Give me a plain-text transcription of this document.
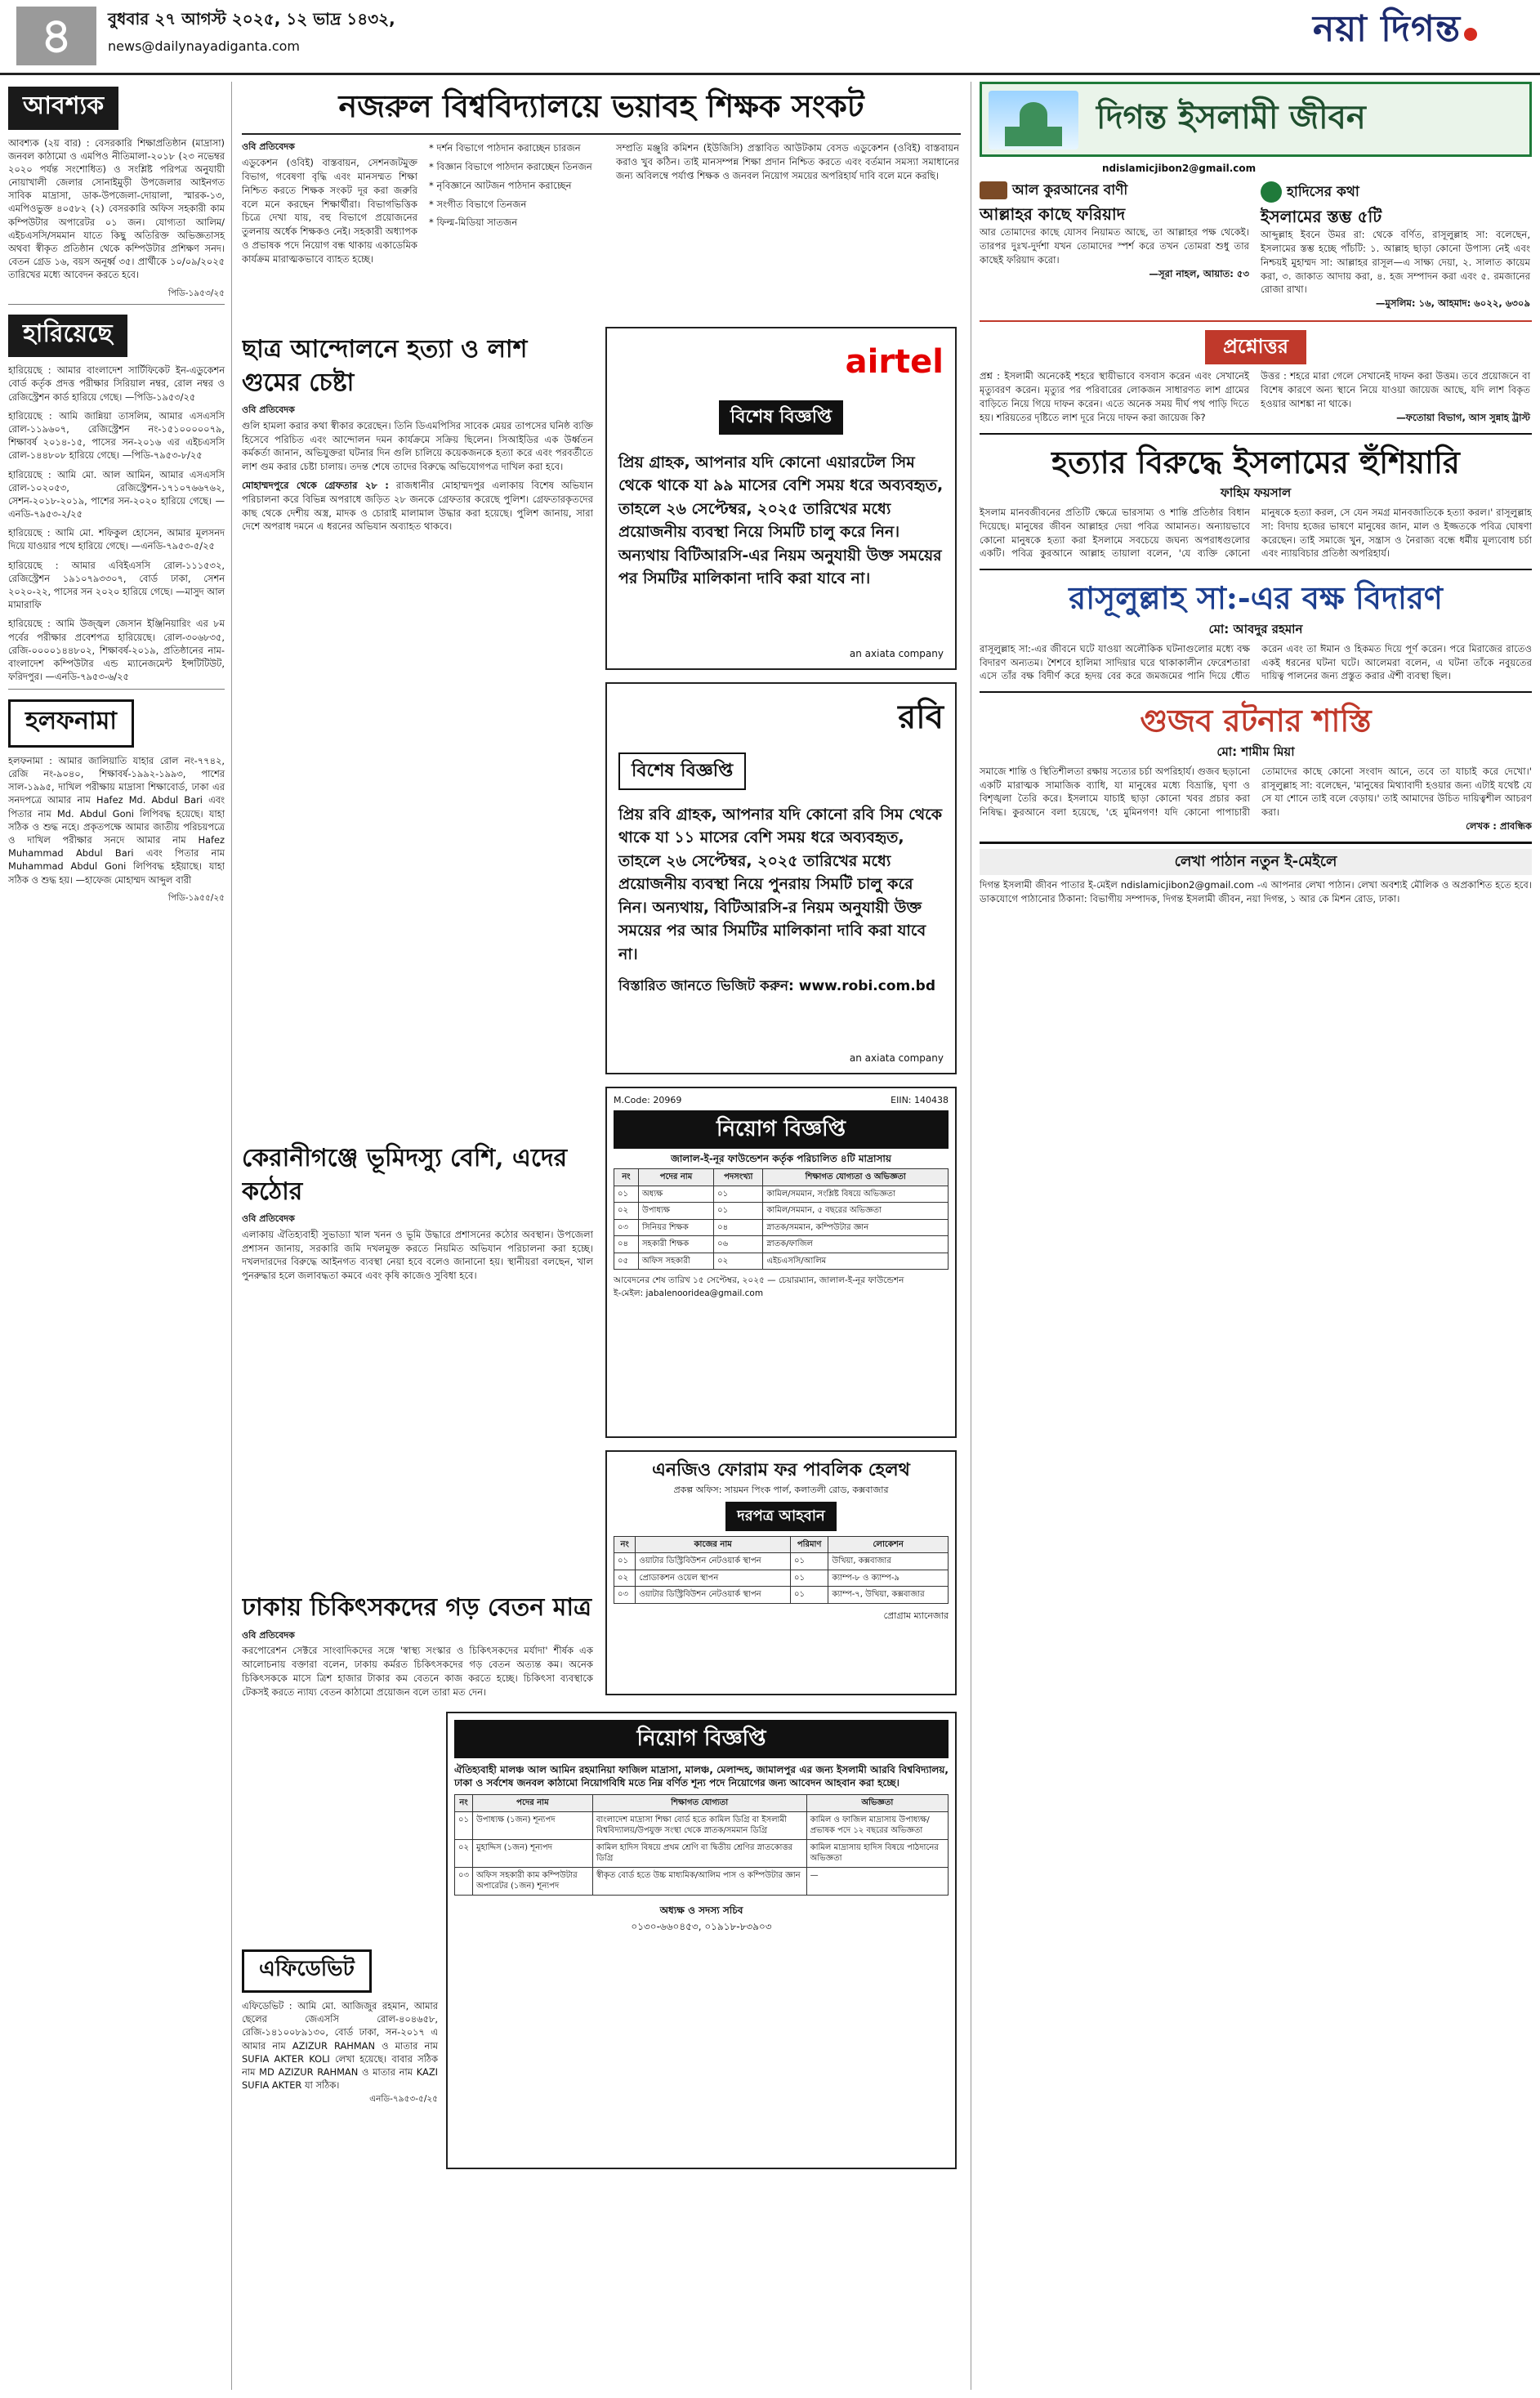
৪	বুধবার ২৭ আগস্ট ২০২৫, ১২ ভাদ্র ১৪৩২,
news@dailynayadiganta.com	নয়া দিগন্ত
আবশ্যক
আবশ্যক (২য় বার) : বেসরকারি শিক্ষাপ্রতিষ্ঠান (মাদ্রাসা) জনবল কাঠামো ও এমপিও নীতিমালা-২০১৮ (২৩ নভেম্বর ২০২০ পর্যন্ত সংশোধিত) ও সংশ্লিষ্ট পরিপত্র অনুযায়ী নোয়াখালী জেলার সোনাইমুড়ী উপজেলার আইনগত সাবিক মাদ্রাসা, ডাক-উপজেলা-দোয়ালা, স্মারক-১৩, এমপিওভুক্ত ৪০৫৮২ (২) বেসরকারি অফিস সহকারী কাম কম্পিউটার অপারেটর ০১ জন। যোগ্যতা আলিম/এইচএসসি/সমমান যাতে কিছু অতিরিক্ত অভিজ্ঞতাসহ অথবা স্বীকৃত প্রতিষ্ঠান থেকে কম্পিউটার প্রশিক্ষণ সনদ। বেতন গ্রেড ১৬, বয়স অনূর্ধ্ব ৩৫। প্রার্থীকে ১০/০৯/২০২৫ তারিখের মধ্যে আবেদন করতে হবে।
পিডি-১৯৫৩/২৫
হারিয়েছে
হারিয়েছে : আমার বাংলাদেশ সার্টিফিকেট ইন-এডুকেশন বোর্ড কর্তৃক প্রদত্ত পরীক্ষার সিরিয়াল নম্বর, রোল নম্বর ও রেজিস্ট্রেশন কার্ড হারিয়ে গেছে। —পিডি-১৯৫৩/২৫
হারিয়েছে : আমি জান্নিয়া তাসলিম, আমার এসএসসি রোল-১১৯৬০৭, রেজিস্ট্রেশন নং-১৫১০০০০০৭৯, শিক্ষাবর্ষ ২০১৪-১৫, পাসের সন-২০১৬ এর এইচএসসি রোল-১৪৪৮০৮ হারিয়ে গেছে। —পিডি-৭৯৫৩-৮/২৫
হারিয়েছে : আমি মো. আল আমিন, আমার এসএসসি রোল-১০২০৫৩, রেজিস্ট্রেশন-১৭১০৭৬৬৭৬২, সেশন-২০১৮-২০১৯, পাশের সন-২০২০ হারিয়ে গেছে। —এনডি-৭৯৫৩-২/২৫
হারিয়েছে : আমি মো. শফিকুল হোসেন, আমার মূলসনদ দিয়ে যাওয়ার পথে হারিয়ে গেছে। —এনডি-৭৯৫৩-৫/২৫
হারিয়েছে : আমার এবিইএসসি রোল-১১১৫৩২, রেজিস্ট্রেশন ১৯১০৭৯৩৩০৭, বোর্ড ঢাকা, সেশন ২০২০-২২, পাসের সন ২০২০ হারিয়ে গেছে। —মাসুদ আল মামারাফি
হারিয়েছে : আমি উজ্জ্বল জেসান ইঞ্জিনিয়ারিং এর ৮ম পর্বের পরীক্ষার প্রবেশপত্র হারিয়েছে। রোল-৩০৬৮৩৫, রেজি-০০০০১৪৪৮০২, শিক্ষাবর্ষ-২০১৯, প্রতিষ্ঠানের নাম-বাংলাদেশ কম্পিউটার এন্ড ম্যানেজমেন্ট ইন্সটিটিউট, ফরিদপুর। —এনডি-৭৯৫৩-৬/২৫
হলফনামা
হলফনামা : আমার জালিয়াতি যাহার রোল নং-৭৭৪২, রেজি নং-৯০৪০, শিক্ষাবর্ষ-১৯৯২-১৯৯৩, পাশের সাল-১৯৯৫, দাখিল পরীক্ষায় মাদ্রাসা শিক্ষাবোর্ড, ঢাকা এর সনদপত্রে আমার নাম Hafez Md. Abdul Bari এবং পিতার নাম Md. Abdul Goni লিপিবদ্ধ হয়েছে। যাহা সঠিক ও শুদ্ধ নহে। প্রকৃতপক্ষে আমার জাতীয় পরিচয়পত্রে ও দাখিল পরীক্ষার সনদে আমার নাম Hafez Muhammad Abdul Bari এবং পিতার নাম Muhammad Abdul Goni লিপিবদ্ধ হইয়াছে। যাহা সঠিক ও শুদ্ধ হয়। —হাফেজ মোহাম্মদ আব্দুল বারী
পিডি-১৯৫৫/২৫
নজরুল বিশ্ববিদ্যালয়ে ভয়াবহ শিক্ষক সংকট
ওবি প্রতিবেদক
এডুকেশন (ওবিই) বাস্তবায়ন, সেশনজটমুক্ত বিভাগ, গবেষণা বৃদ্ধি এবং মানসম্মত শিক্ষা নিশ্চিত করতে শিক্ষক সংকট দূর করা জরুরি বলে মনে করছেন শিক্ষার্থীরা। বিভাগভিত্তিক চিত্রে দেখা যায়, বহু বিভাগে প্রয়োজনের তুলনায় অর্ধেক শিক্ষকও নেই। সহকারী অধ্যাপক ও প্রভাষক পদে নিয়োগ বন্ধ থাকায় একাডেমিক কার্যক্রম মারাত্মকভাবে ব্যাহত হচ্ছে।
* দর্শন বিভাগে পাঠদান করাচ্ছেন চারজন
* বিজ্ঞান বিভাগে পাঠদান করাচ্ছেন তিনজন
* নৃবিজ্ঞানে আটজন পাঠদান করাচ্ছেন
* সংগীত বিভাগে তিনজন
* ফিল্ম-মিডিয়া সাতজন
সম্প্রতি মঞ্জুরি কমিশন (ইউজিসি) প্রস্তাবিত আউটকাম বেসড এডুকেশন (ওবিই) বাস্তবায়ন করাও খুব কঠিন। তাই মানসম্পন্ন শিক্ষা প্রদান নিশ্চিত করতে এবং বর্তমান সমস্যা সমাধানের জন্য অবিলম্বে পর্যাপ্ত শিক্ষক ও জনবল নিয়োগ সময়ের অপরিহার্য দাবি বলে মনে করছি।
ছাত্র আন্দোলনে হত্যা ও লাশ গুমের চেষ্টা
ওবি প্রতিবেদক
গুলি হামলা করার কথা স্বীকার করেছেন। তিনি ডিএমপিসির সাবেক মেয়র তাপসের ঘনিষ্ঠ ব্যক্তি হিসেবে পরিচিত এবং আন্দোলন দমন কার্যক্রমে সক্রিয় ছিলেন। সিআইডির এক উর্ধ্বতন কর্মকর্তা জানান, অভিযুক্তরা ঘটনার দিন গুলি চালিয়ে কয়েকজনকে হত্যা করে এবং পরবর্তীতে লাশ গুম করার চেষ্টা চালায়। তদন্ত শেষে তাদের বিরুদ্ধে অভিযোগপত্র দাখিল করা হবে।
মোহাম্মদপুরে থেকে গ্রেফতার ২৮ : রাজধানীর মোহাম্মদপুর এলাকায় বিশেষ অভিযান পরিচালনা করে বিভিন্ন অপরাধে জড়িত ২৮ জনকে গ্রেফতার করেছে পুলিশ। গ্রেফতারকৃতদের কাছ থেকে দেশীয় অস্ত্র, মাদক ও চোরাই মালামাল উদ্ধার করা হয়েছে। পুলিশ জানায়, সারা দেশে অপরাধ দমনে এ ধরনের অভিযান অব্যাহত থাকবে।
কেরানীগঞ্জে ভূমিদস্যু বেশি, এদের কঠোর
ওবি প্রতিবেদক
এলাকায় ঐতিহ্যবাহী সুভাড্যা খাল খনন ও ভূমি উদ্ধারে প্রশাসনের কঠোর অবস্থান। উপজেলা প্রশাসন জানায়, সরকারি জমি দখলমুক্ত করতে নিয়মিত অভিযান পরিচালনা করা হচ্ছে। দখলদারদের বিরুদ্ধে আইনগত ব্যবস্থা নেয়া হবে বলেও জানানো হয়। স্থানীয়রা বলছেন, খাল পুনরুদ্ধার হলে জলাবদ্ধতা কমবে এবং কৃষি কাজেও সুবিধা হবে।
ঢাকায় চিকিৎসকদের গড় বেতন মাত্র
ওবি প্রতিবেদক
করপোরেশন সেক্টরে সাংবাদিকদের সঙ্গে 'স্বাস্থ্য সংস্কার ও চিকিৎসকদের মর্যাদা' শীর্ষক এক আলোচনায় বক্তারা বলেন, ঢাকায় কর্মরত চিকিৎসকদের গড় বেতন অত্যন্ত কম। অনেক চিকিৎসককে মাসে ত্রিশ হাজার টাকার কম বেতনে কাজ করতে হচ্ছে। চিকিৎসা ব্যবস্থাকে টেকসই করতে ন্যায্য বেতন কাঠামো প্রয়োজন বলে তারা মত দেন।
এফিডেভিট
এফিডেভিট : আমি মো. আজিজুর রহমান, আমার ছেলের জেএসসি রোল-৪০৪৬৫৮, রেজি-১৪১০০৮৯১৩০, বোর্ড ঢাকা, সন-২০১৭ এ আমার নাম AZIZUR RAHMAN ও মাতার নাম SUFIA AKTER KOLI লেখা হয়েছে। বাবার সঠিক নাম MD AZIZUR RAHMAN ও মাতার নাম KAZI SUFIA AKTER যা সঠিক।
এনডি-৭৯৫৩-৫/২৫
airtel
বিশেষ বিজ্ঞপ্তি
প্রিয় গ্রাহক, আপনার যদি কোনো এয়ারটেল সিম থেকে থাকে যা ৯৯ মাসের বেশি সময় ধরে অব্যবহৃত, তাহলে ২৬ সেপ্টেম্বর, ২০২৫ তারিখের মধ্যে প্রয়োজনীয় ব্যবস্থা নিয়ে সিমটি চালু করে নিন। অন্যথায় বিটিআরসি-এর নিয়ম অনুযায়ী উক্ত সময়ের পর সিমটির মালিকানা দাবি করা যাবে না।
an axiata company
রবি
বিশেষ বিজ্ঞপ্তি
প্রিয় রবি গ্রাহক, আপনার যদি কোনো রবি সিম থেকে থাকে যা ১১ মাসের বেশি সময় ধরে অব্যবহৃত, তাহলে ২৬ সেপ্টেম্বর, ২০২৫ তারিখের মধ্যে প্রয়োজনীয় ব্যবস্থা নিয়ে পুনরায় সিমটি চালু করে নিন। অন্যথায়, বিটিআরসি-র নিয়ম অনুযায়ী উক্ত সময়ের পর আর সিমটির মালিকানা দাবি করা যাবে না।
বিস্তারিত জানতে ভিজিট করুন: www.robi.com.bd
an axiata company
M.Code: 20969	EIIN: 140438
নিয়োগ বিজ্ঞপ্তি
জালাল-ই-নূর ফাউন্ডেশন কর্তৃক পরিচালিত ৪টি মাদ্রাসায়
নং	পদের নাম	পদসংখ্যা	শিক্ষাগত যোগ্যতা ও অভিজ্ঞতা
০১	অধ্যক্ষ	০১	কামিল/সমমান, সংশ্লিষ্ট বিষয়ে অভিজ্ঞতা
০২	উপাধ্যক্ষ	০১	কামিল/সমমান, ৫ বছরের অভিজ্ঞতা
০৩	সিনিয়র শিক্ষক	০৪	স্নাতক/সমমান, কম্পিউটার জ্ঞান
০৪	সহকারী শিক্ষক	০৬	স্নাতক/ফাজিল
০৫	অফিস সহকারী	০২	এইচএসসি/আলিম
আবেদনের শেষ তারিখ ১৫ সেপ্টেম্বর, ২০২৫ — চেয়ারম্যান, জালাল-ই-নূর ফাউন্ডেশন
ই-মেইল: jabalenooridea@gmail.com
এনজিও ফোরাম ফর পাবলিক হেলথ
প্রকল্প অফিস: সায়মন পিংক পার্ল, কলাতলী রোড, কক্সবাজার
দরপত্র আহবান
নং	কাজের নাম	পরিমাণ	লোকেশন
০১	ওয়াটার ডিস্ট্রিবিউশন নেটওয়ার্ক স্থাপন	০১	উখিয়া, কক্সবাজার
০২	প্রোডাকশন ওয়েল স্থাপন	০১	ক্যাম্প-৮ ও ক্যাম্প-৯
০৩	ওয়াটার ডিস্ট্রিবিউশন নেটওয়ার্ক স্থাপন	০১	ক্যাম্প-৭, উখিয়া, কক্সবাজার
প্রোগ্রাম ম্যানেজার
নিয়োগ বিজ্ঞপ্তি
ঐতিহ্যবাহী মালঞ্চ আল আমিন রহমানিয়া ফাজিল মাদ্রাসা, মালঞ্চ, মেলান্দহ, জামালপুর এর জন্য ইসলামী আরবি বিশ্ববিদ্যালয়, ঢাকা ও সর্বশেষ জনবল কাঠামো নিয়োগবিধি মতে নিম্ন বর্ণিত শূন্য পদে নিয়োগের জন্য আবেদন আহবান করা হচ্ছে।
নং	পদের নাম	শিক্ষাগত যোগ্যতা	অভিজ্ঞতা
০১	উপাধ্যক্ষ (১জন) শূন্যপদ	বাংলাদেশ মাদ্রাসা শিক্ষা বোর্ড হতে কামিল ডিগ্রি বা ইসলামী বিশ্ববিদ্যালয়/উপযুক্ত সংস্থা থেকে স্নাতক/সমমান ডিগ্রি	কামিল ও ফাজিল মাদ্রাসায় উপাধ্যক্ষ/প্রভাষক পদে ১২ বছরের অভিজ্ঞতা
০২	মুহাদ্দিস (১জন) শূন্যপদ	কামিল হাদিস বিষয়ে প্রথম শ্রেণি বা দ্বিতীয় শ্রেণির স্নাতকোত্তর ডিগ্রি	কামিল মাদ্রাসায় হাদিস বিষয়ে পাঠদানের অভিজ্ঞতা
০৩	অফিস সহকারী কাম কম্পিউটার অপারেটর (১জন) শূন্যপদ	স্বীকৃত বোর্ড হতে উচ্চ মাধ্যমিক/আলিম পাস ও কম্পিউটার জ্ঞান	—
অধ্যক্ষ ও সদস্য সচিব
০১৩০-৬৬০৪৫৩, ০১৯১৮-৮৩৯০৩
দিগন্ত ইসলামী জীবন
ndislamicjibon2@gmail.com
আল কুরআনের বাণী
আল্লাহর কাছে ফরিয়াদ
আর তোমাদের কাছে যোসব নিয়ামত আছে, তা আল্লাহর পক্ষ থেকেই। তারপর দুঃখ-দুর্দশা যখন তোমাদের স্পর্শ করে তখন তোমরা শুধু তার কাছেই ফরিয়াদ করো।
—সূরা নাহল, আয়াত: ৫৩
হাদিসের কথা
ইসলামের স্তম্ভ ৫টি
আব্দুল্লাহ ইবনে উমর রা: থেকে বর্ণিত, রাসূলুল্লাহ সা: বলেছেন, ইসলামের স্তম্ভ হচ্ছে পাঁচটি: ১. আল্লাহ ছাড়া কোনো উপাস্য নেই এবং নিশ্চয়ই মুহাম্মদ সা: আল্লাহর রাসূল—এ সাক্ষ্য দেয়া, ২. সালাত কায়েম করা, ৩. জাকাত আদায় করা, ৪. হজ সম্পাদন করা এবং ৫. রমজানের রোজা রাখা।
—মুসলিম: ১৬, আহমাদ: ৬০২২, ৬৩০৯
প্রশ্নোত্তর
প্রশ্ন : ইসলামী অনেকেই শহরে স্থায়ীভাবে বসবাস করেন এবং সেখানেই মৃত্যুবরণ করেন। মৃত্যুর পর পরিবারের লোকজন সাধারণত লাশ গ্রামের বাড়িতে নিয়ে গিয়ে দাফন করেন। এতে অনেক সময় দীর্ঘ পথ পাড়ি দিতে হয়। শরিয়তের দৃষ্টিতে লাশ দূরে নিয়ে দাফন করা জায়েজ কি?
উত্তর : শহরে মারা গেলে সেখানেই দাফন করা উত্তম। তবে প্রয়োজনে বা বিশেষ কারণে অন্য স্থানে নিয়ে যাওয়া জায়েজ আছে, যদি লাশ বিকৃত হওয়ার আশঙ্কা না থাকে।
—ফতোয়া বিভাগ, আস সুন্নাহ ট্রাস্ট
হত্যার বিরুদ্ধে ইসলামের হুঁশিয়ারি
ফাহিম ফয়সাল
ইসলাম মানবজীবনের প্রতিটি ক্ষেত্রে ভারসাম্য ও শান্তি প্রতিষ্ঠার বিধান দিয়েছে। মানুষের জীবন আল্লাহর দেয়া পবিত্র আমানত। অন্যায়ভাবে কোনো মানুষকে হত্যা করা ইসলামে সবচেয়ে জঘন্য অপরাধগুলোর একটি। পবিত্র কুরআনে আল্লাহ তায়ালা বলেন, 'যে ব্যক্তি কোনো মানুষকে হত্যা করল, সে যেন সমগ্র মানবজাতিকে হত্যা করল।' রাসূলুল্লাহ সা: বিদায় হজের ভাষণে মানুষের জান, মাল ও ইজ্জতকে পবিত্র ঘোষণা করেছেন। তাই সমাজে খুন, সন্ত্রাস ও নৈরাজ্য বন্ধে ধর্মীয় মূল্যবোধ চর্চা এবং ন্যায়বিচার প্রতিষ্ঠা অপরিহার্য।
রাসূলুল্লাহ সা:-এর বক্ষ বিদারণ
মো: আবদুর রহমান
রাসূলুল্লাহ সা:-এর জীবনে ঘটে যাওয়া অলৌকিক ঘটনাগুলোর মধ্যে বক্ষ বিদারণ অন্যতম। শৈশবে হালিমা সাদিয়ার ঘরে থাকাকালীন ফেরেশতারা এসে তাঁর বক্ষ বিদীর্ণ করে হৃদয় বের করে জমজমের পানি দিয়ে ধৌত করেন এবং তা ঈমান ও হিকমত দিয়ে পূর্ণ করেন। পরে মিরাজের রাতেও একই ধরনের ঘটনা ঘটে। আলেমরা বলেন, এ ঘটনা তাঁকে নবুয়তের দায়িত্ব পালনের জন্য প্রস্তুত করার ঐশী ব্যবস্থা ছিল।
গুজব রটনার শাস্তি
মো: শামীম মিয়া
সমাজে শান্তি ও স্থিতিশীলতা রক্ষায় সত্যের চর্চা অপরিহার্য। গুজব ছড়ানো একটি মারাত্মক সামাজিক ব্যাধি, যা মানুষের মধ্যে বিভ্রান্তি, ঘৃণা ও বিশৃঙ্খলা তৈরি করে। ইসলামে যাচাই ছাড়া কোনো খবর প্রচার করা নিষিদ্ধ। কুরআনে বলা হয়েছে, 'হে মুমিনগণ! যদি কোনো পাপাচারী তোমাদের কাছে কোনো সংবাদ আনে, তবে তা যাচাই করে দেখো।' রাসূলুল্লাহ সা: বলেছেন, 'মানুষের মিথ্যাবাদী হওয়ার জন্য এটাই যথেষ্ট যে সে যা শোনে তাই বলে বেড়ায়।' তাই আমাদের উচিত দায়িত্বশীল আচরণ করা।
লেখক : প্রাবন্ধিক
লেখা পাঠান নতুন ই-মেইলে
দিগন্ত ইসলামী জীবন পাতার ই-মেইল ndislamicjibon2@gmail.com -এ আপনার লেখা পাঠান। লেখা অবশ্যই মৌলিক ও অপ্রকাশিত হতে হবে। ডাকযোগে পাঠানোর ঠিকানা: বিভাগীয় সম্পাদক, দিগন্ত ইসলামী জীবন, নয়া দিগন্ত, ১ আর কে মিশন রোড, ঢাকা।
